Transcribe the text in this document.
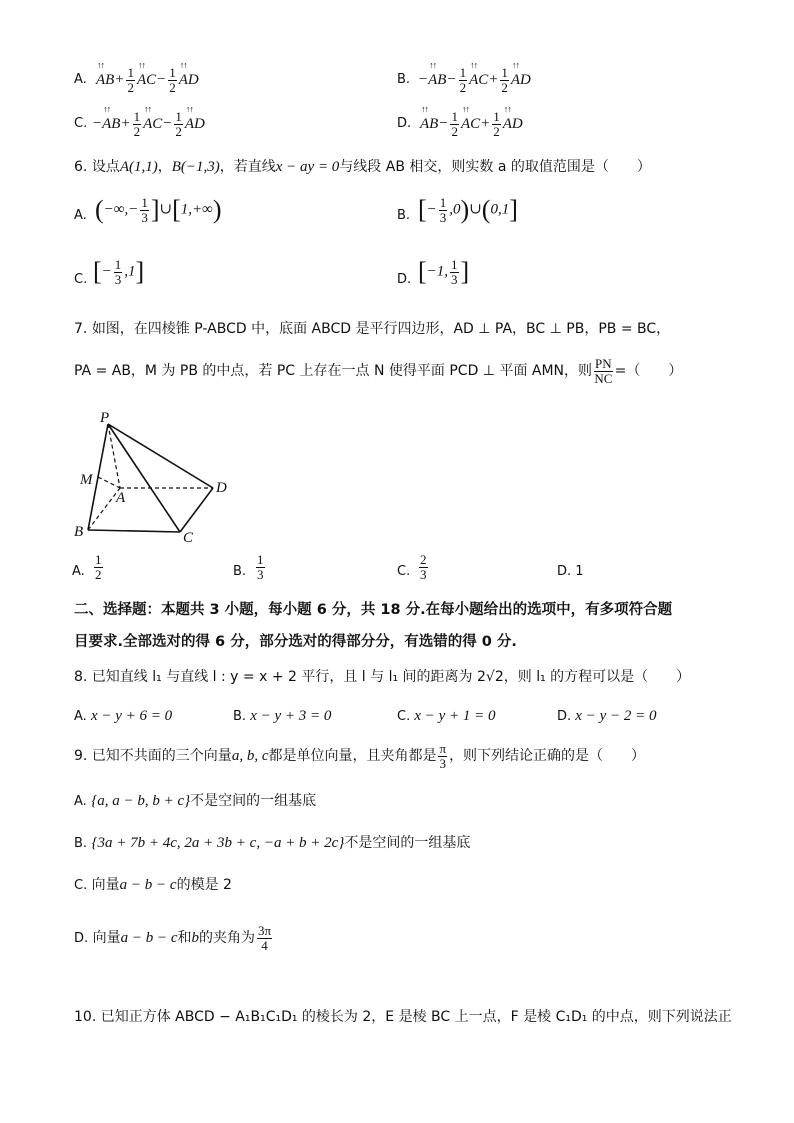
A. ↑↑ $AB+ \frac{1}{2}$ ↑↑ $AC- \frac{1}{2}$ ↑↑ AD	B. −↑↑ $AB- \frac{1}{2}$ ↑↑ $AC+ \frac{1}{2}$ ↑↑ AD
C. −↑↑ $AB+ \frac{1}{2}$ ↑↑ $AC- \frac{1}{2}$ ↑↑ AD	D. ↑↑ $AB- \frac{1}{2}$ ↑↑ $AC+ \frac{1}{2}$ ↑↑ AD
6. 设点A(1,1)，B(−1,3)，若直线x − ay = 0与线段 AB 相交，则实数 a 的取值范围是（　　）
A. (−∞,− $\frac{1}{3}$ ]∪[1,+∞)	B. [− $\frac{1}{3}$ ,0)∪(0,1]
C. [− $\frac{1}{3} ,1$]	D. [−1, $\frac{1}{3}$ ]
7. 如图，在四棱锥 P-ABCD 中，底面 ABCD 是平行四边形，AD ⊥ PA，BC ⊥ PB，PB = BC，
PA = AB，M 为 PB 的中点，若 PC 上存在一点 N 使得平面 PCD ⊥ 平面 AMN，则 $\frac{PN}{NC}$ =（　　）
P
M
A
D
B	C
A. $\frac{1}{2}$	B. $\frac{1}{3}$	C. $\frac{2}{3}$	D. 1
二、选择题：本题共 3 小题，每小题 6 分，共 18 分.在每小题给出的选项中，有多项符合题
目要求.全部选对的得 6 分，部分选对的得部分分，有选错的得 0 分.
8. 已知直线 l₁ 与直线 l : y = x + 2 平行，且 l 与 l₁ 间的距离为 2√2，则 l₁ 的方程可以是（　　）
A. x − y + 6 = 0	B. x − y + 3 = 0	C. x − y + 1 = 0	D. x − y − 2 = 0
9. 已知不共面的三个向量a, b, c都是单位向量，且夹角都是 $\frac{\pi}{3}$ ，则下列结论正确的是（　　）
A. {a, a − b, b + c}不是空间的一组基底
B. {3a + 7b + 4c, 2a + 3b + c, −a + b + 2c}不是空间的一组基底
C. 向量a − b − c的模是 2
D. 向量a − b − c和b的夹角为 $\frac{3\pi}{4}$
10. 已知正方体 ABCD − A₁B₁C₁D₁ 的棱长为 2，E 是棱 BC 上一点，F 是棱 C₁D₁ 的中点，则下列说法正
